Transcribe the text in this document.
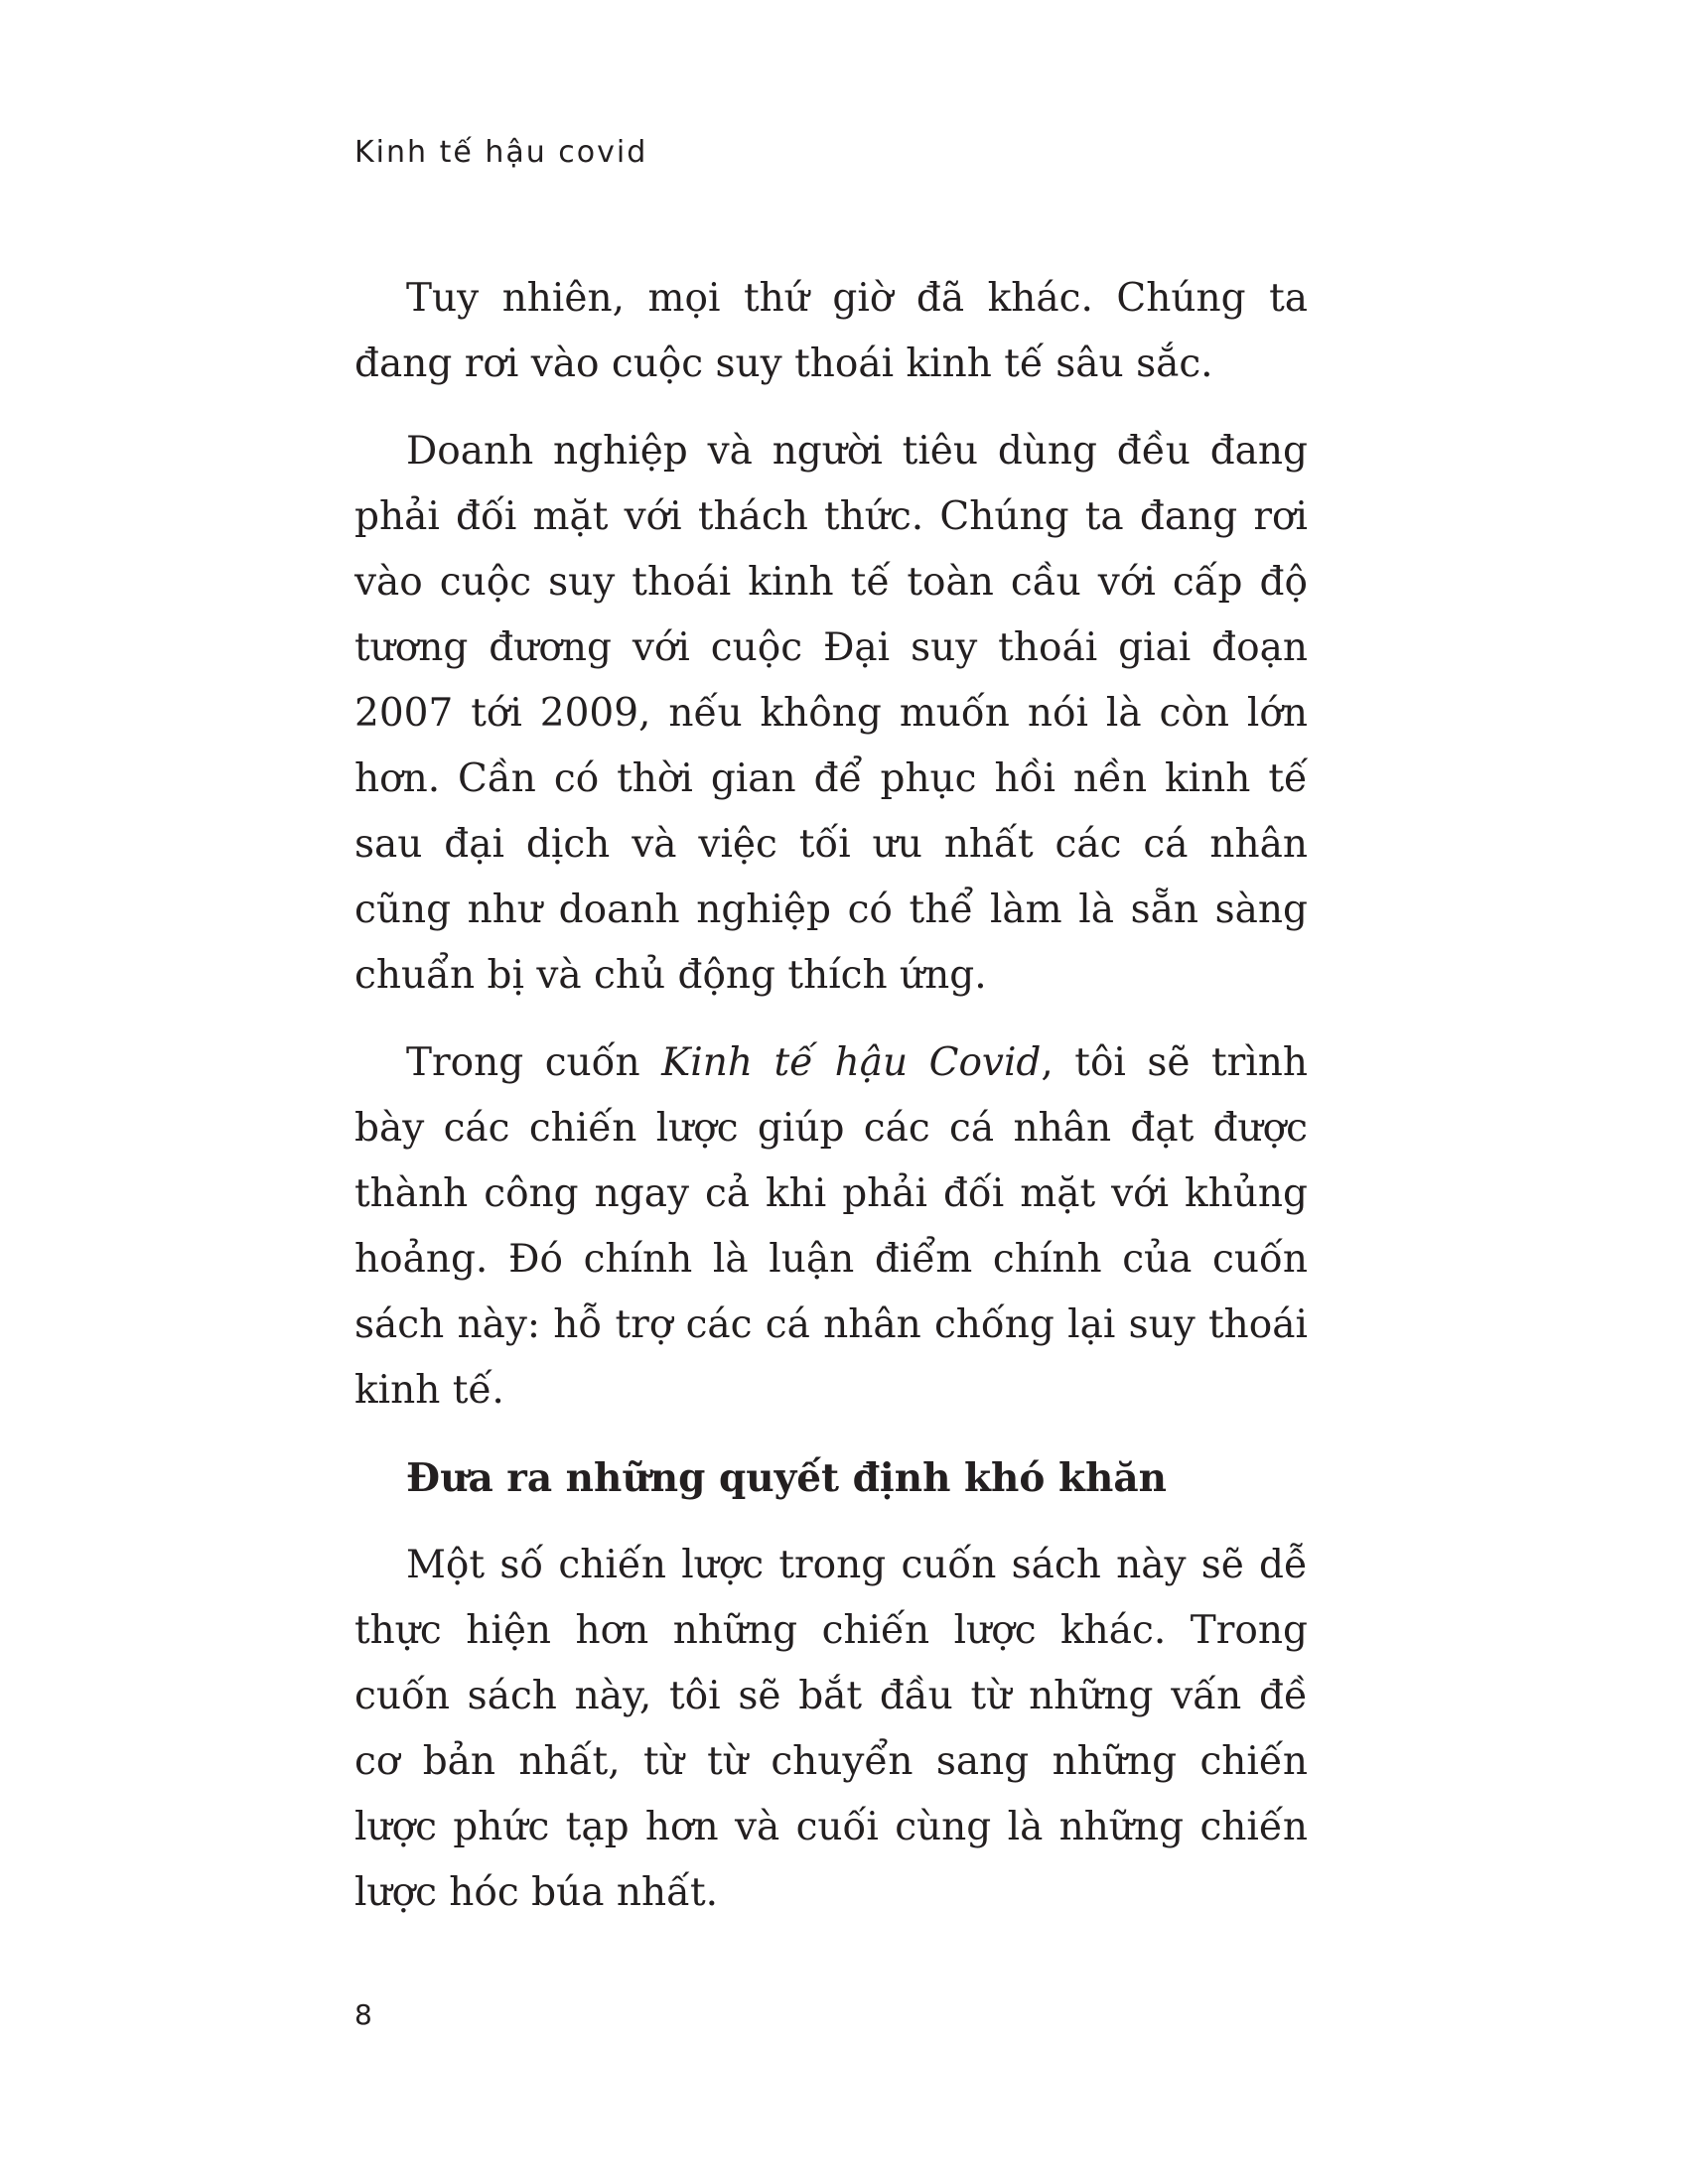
Kinh tế hậu covid

Tuy nhiên, mọi thứ giờ đã khác. Chúng ta đang rơi vào cuộc suy thoái kinh tế sâu sắc.

Doanh nghiệp và người tiêu dùng đều đang phải đối mặt với thách thức. Chúng ta đang rơi vào cuộc suy thoái kinh tế toàn cầu với cấp độ tương đương với cuộc Đại suy thoái giai đoạn 2007 tới 2009, nếu không muốn nói là còn lớn hơn. Cần có thời gian để phục hồi nền kinh tế sau đại dịch và việc tối ưu nhất các cá nhân cũng như doanh nghiệp có thể làm là sẵn sàng chuẩn bị và chủ động thích ứng.

Trong cuốn Kinh tế hậu Covid, tôi sẽ trình bày các chiến lược giúp các cá nhân đạt được thành công ngay cả khi phải đối mặt với khủng hoảng. Đó chính là luận điểm chính của cuốn sách này: hỗ trợ các cá nhân chống lại suy thoái kinh tế.

Đưa ra những quyết định khó khăn

Một số chiến lược trong cuốn sách này sẽ dễ thực hiện hơn những chiến lược khác. Trong cuốn sách này, tôi sẽ bắt đầu từ những vấn đề cơ bản nhất, từ từ chuyển sang những chiến lược phức tạp hơn và cuối cùng là những chiến lược hóc búa nhất.

8
